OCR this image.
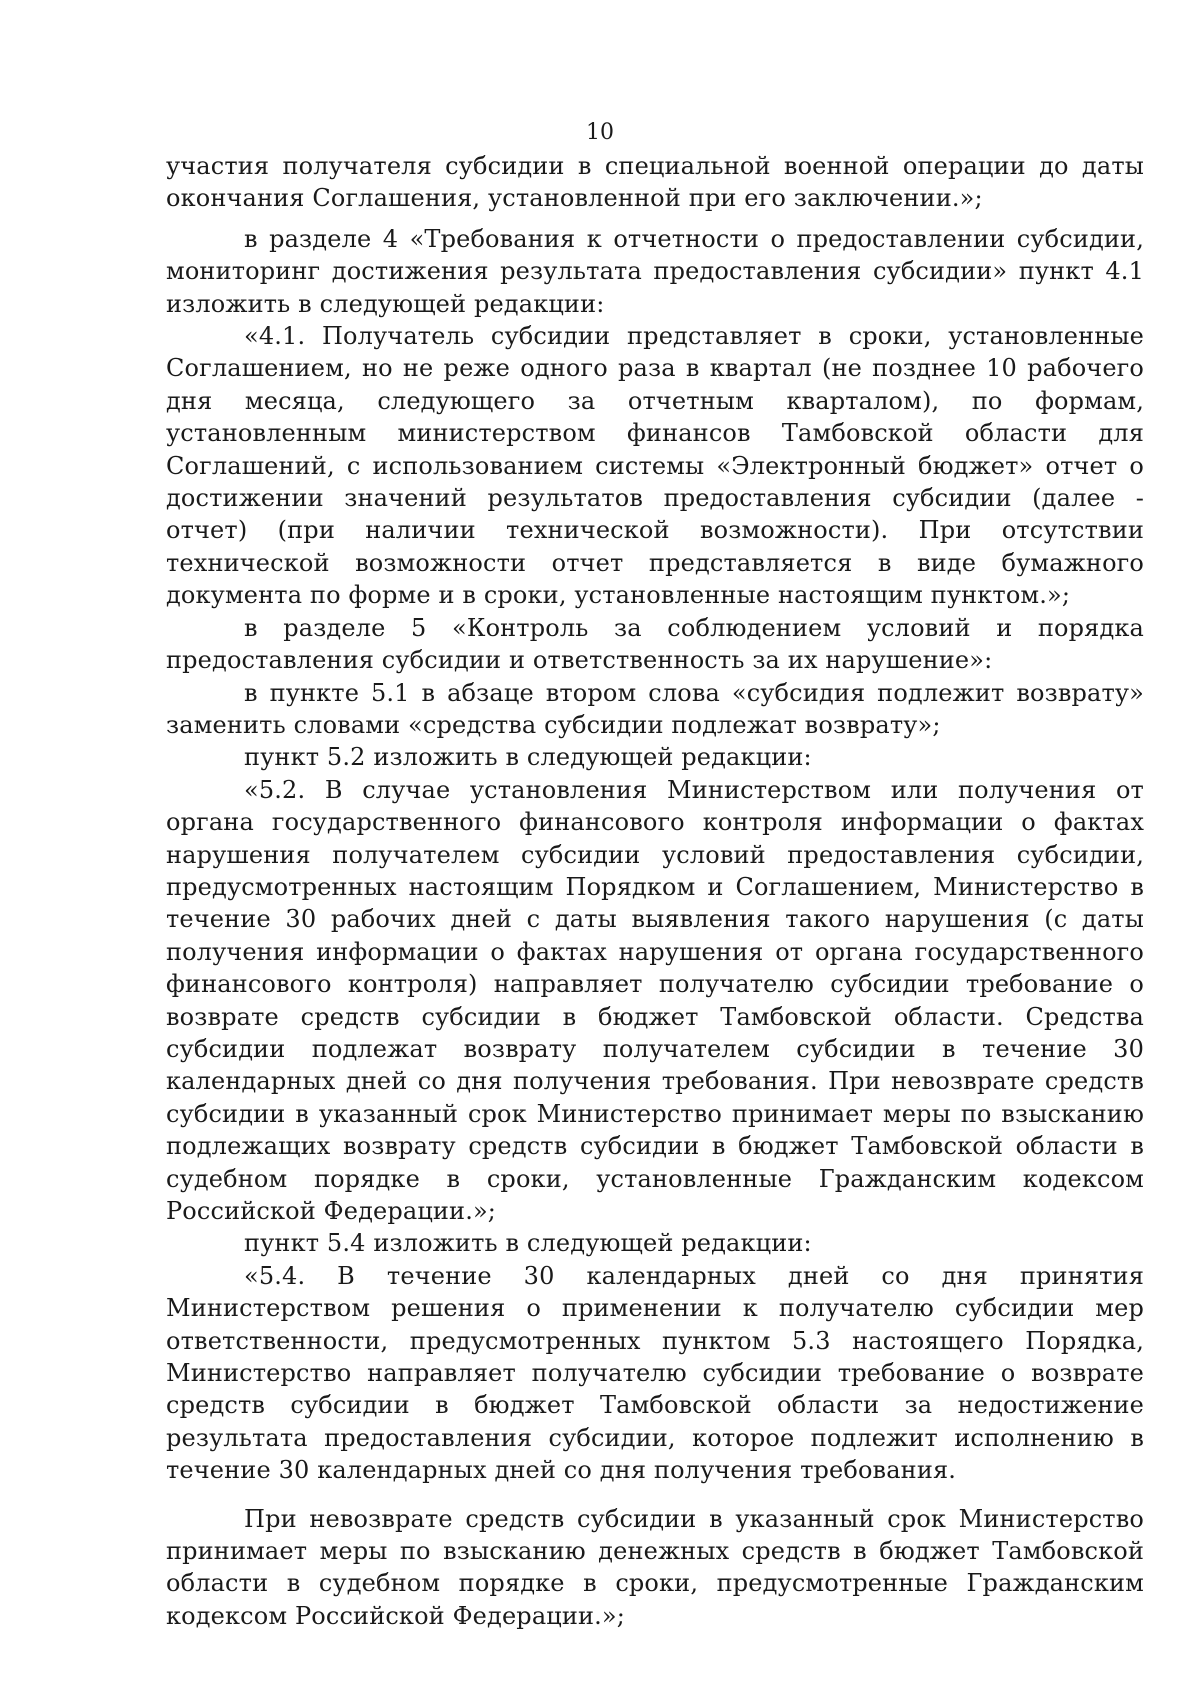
10

участия получателя субсидии в специальной военной операции до даты окончания Соглашения, установленной при его заключении.»;

в разделе 4 «Требования к отчетности о предоставлении субсидии, мониторинг достижения результата предоставления субсидии» пункт 4.1 изложить в следующей редакции:

«4.1. Получатель субсидии представляет в сроки, установленные Соглашением, но не реже одного раза в квартал (не позднее 10 рабочего дня месяца, следующего за отчетным кварталом), по формам, установленным министерством финансов Тамбовской области для Соглашений, с использованием системы «Электронный бюджет» отчет о достижении значений результатов предоставления субсидии (далее - отчет) (при наличии технической возможности). При отсутствии технической возможности отчет представляется в виде бумажного документа по форме и в сроки, установленные настоящим пунктом.»;

в разделе 5 «Контроль за соблюдением условий и порядка предоставления субсидии и ответственность за их нарушение»:

в пункте 5.1 в абзаце втором слова «субсидия подлежит возврату» заменить словами «средства субсидии подлежат возврату»;

пункт 5.2 изложить в следующей редакции:

«5.2. В случае установления Министерством или получения от органа государственного финансового контроля информации о фактах нарушения получателем субсидии условий предоставления субсидии, предусмотренных настоящим Порядком и Соглашением, Министерство в течение 30 рабочих дней с даты выявления такого нарушения (с даты получения информации о фактах нарушения от органа государственного финансового контроля) направляет получателю субсидии требование о возврате средств субсидии в бюджет Тамбовской области. Средства субсидии подлежат возврату получателем субсидии в течение 30 календарных дней со дня получения требования. При невозврате средств субсидии в указанный срок Министерство принимает меры по взысканию подлежащих возврату средств субсидии в бюджет Тамбовской области в судебном порядке в сроки, установленные Гражданским кодексом Российской Федерации.»;

пункт 5.4 изложить в следующей редакции:

«5.4. В течение 30 календарных дней со дня принятия Министерством решения о применении к получателю субсидии мер ответственности, предусмотренных пунктом 5.3 настоящего Порядка, Министерство направляет получателю субсидии требование о возврате средств субсидии в бюджет Тамбовской области за недостижение результата предоставления субсидии, которое подлежит исполнению в течение 30 календарных дней со дня получения требования.

При невозврате средств субсидии в указанный срок Министерство принимает меры по взысканию денежных средств в бюджет Тамбовской области в судебном порядке в сроки, предусмотренные Гражданским кодексом Российской Федерации.»;
